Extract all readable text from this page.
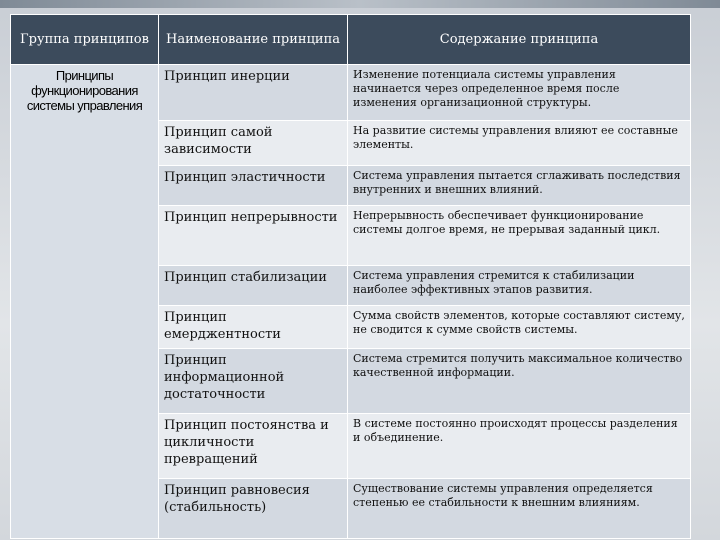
Группа принципов	Наименование принципа	Содержание принципа
Принципы функционирования системы управления	Принцип инерции	Изменение потенциала системы управления начинается через определенное время после изменения организационной структуры.
	Принцип самой зависимости	На развитие системы управления влияют ее составные элементы.
	Принцип эластичности	Система управления пытается сглаживать последствия внутренних и внешних влияний.
	Принцип непрерывности	Непрерывность обеспечивает функционирование системы долгое время, не прерывая заданный цикл.
	Принцип стабилизации	Система управления стремится к стабилизации наиболее эффективных этапов развития.
	Принцип емерджентности	Сумма свойств элементов, которые составляют систему, не сводится к сумме свойств системы.
	Принцип информационной достаточности	Система стремится получить максимальное количество качественной информации.
	Принцип постоянства и цикличности превращений	В системе постоянно происходят процессы разделения и объединение.
	Принцип равновесия (стабильность)	Существование системы управления определяется степенью ее стабильности к внешним влияниям.
